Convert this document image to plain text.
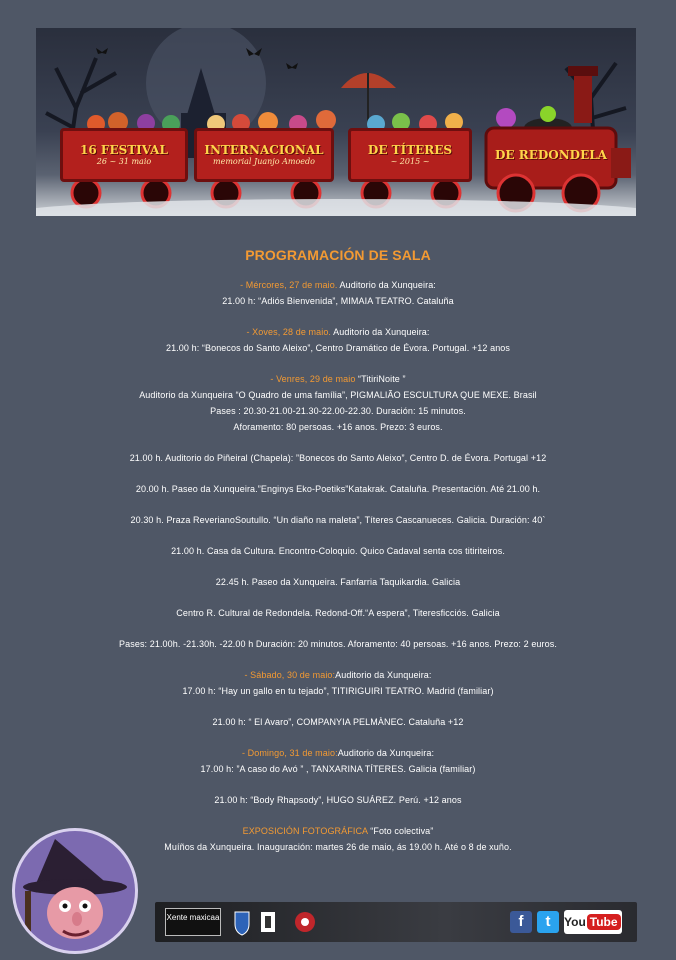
16 FESTIVAL
26 ~ 31 maio
INTERNACIONAL
memorial Juanjo Amoedo
DE TÍTERES
~ 2015 ~	DE REDONDELA
PROGRAMACIÓN DE SALA
- Mércores, 27 de maio. Auditorio da Xunqueira:
21.00 h: “Adiós Bienvenida”, MIMAIA TEATRO. Cataluña
- Xoves, 28 de maio. Auditorio da Xunqueira:
21.00 h: “Bonecos do Santo Aleixo”, Centro Dramático de Évora. Portugal. +12 anos
- Venres, 29 de maio “TitiriNoite ”
Auditorio da Xunqueira “O Quadro de uma família”, PIGMALIÃO ESCULTURA QUE MEXE. Brasil
Pases : 20.30-21.00-21.30-22.00-22.30. Duración: 15 minutos.
Aforamento: 80 persoas. +16 anos. Prezo: 3 euros.
21.00 h. Auditorio do Piñeiral (Chapela): ”Bonecos do Santo Aleixo”, Centro D. de Évora. Portugal +12
20.00 h. Paseo da Xunqueira.”Enginys Eko-Poetiks”Katakrak. Cataluña. Presentación. Até 21.00 h.
20.30 h. Praza ReverianoSoutullo. “Un diaño na maleta”, Títeres Cascanueces. Galicia. Duración: 40`
21.00 h. Casa da Cultura. Encontro-Coloquio. Quico Cadaval senta cos titiriteiros.
22.45 h. Paseo da Xunqueira. Fanfarria Taquikardia. Galicia
Centro R. Cultural de Redondela. Redond-Off.“A espera”, Titeresficciós. Galicia
Pases: 21.00h. -21.30h. -22.00 h Duración: 20 minutos. Aforamento: 40 persoas. +16 anos. Prezo: 2 euros.
- Sábado, 30 de maio:Auditorio da Xunqueira:
17.00 h: “Hay un gallo en tu tejado”, TITIRIGUIRI TEATRO. Madrid (familiar)
21.00 h: “ El Avaro”, COMPANYIA PELMÀNEC. Cataluña +12
- Domingo, 31 de maio:Auditorio da Xunqueira:
17.00 h: ”A caso do Avó ” , TANXARINA TÍTERES. Galicia (familiar)
21.00 h: “Body Rhapsody”, HUGO SUÁREZ. Perú. +12 anos
EXPOSICIÓN FOTOGRÁFICA “Foto colectiva”
Muíños da Xunqueira. Inauguración: martes 26 de maio, ás 19.00 h. Até o 8 de xuño.
Xente maxicaa	f	t	You Tube
